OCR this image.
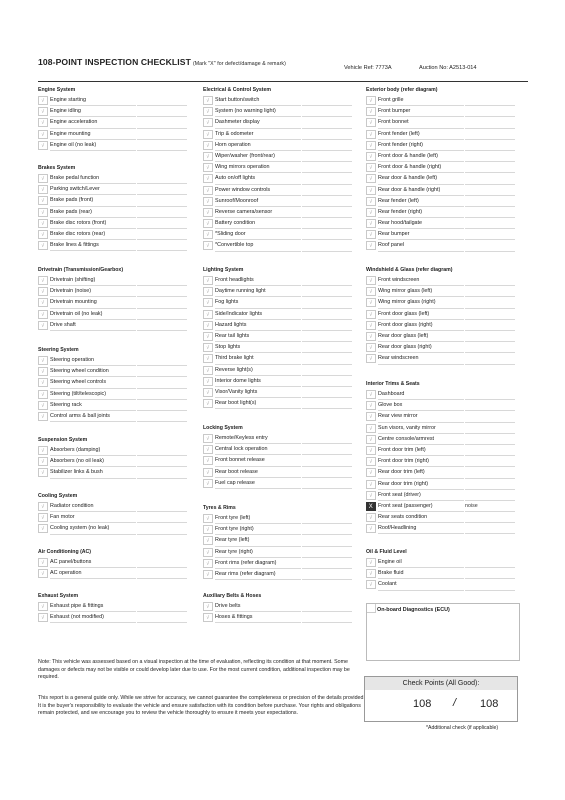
108-POINT INSPECTION CHECKLIST (Mark "X" for defect/damage & remark)
Vehicle Ref: 7773A	Auction No: A2513-014
Engine System
√	Engine starting
√	Engine idling
√	Engine acceleration
√	Engine mounting
√	Engine oil (no leak)
Brakes System
√	Brake pedal function
√	Parking switch/Lever
√	Brake pads (front)
√	Brake pads (rear)
√	Brake disc rotors (front)
√	Brake disc rotors (rear)
√	Brake lines & fittings
Drivetrain (Transmission/Gearbox)
√	Drivetrain (shifting)
√	Drivetrain (noise)
√	Drivetrain mounting
√	Drivetrain oil (no leak)
√	Drive shaft
Steering System
√	Steering operation
√	Steering wheel condition
√	Steering wheel controls
√	Steering (tilt/telescopic)
√	Steering rack
√	Control arms & ball joints
Suspension System
√	Absorbers (damping)
√	Absorbers (no oil leak)
√	Stabilizer links & bush
Cooling System
√	Radiator condition
√	Fan motor
√	Cooling system (no leak)
Air Conditioning (AC)
√	AC panel/buttons
√	AC operation
Exhaust System
√	Exhaust pipe & fittings
√	Exhaust (not modified)
Electrical & Control System
√	Start button/switch
√	System (no warning light)
√	Dashmeter display
√	Trip & odometer
√	Horn operation
√	Wiper/washer (front/rear)
√	Wing mirrors operation
√	Auto on/off lights
√	Power window controls
√	Sunroof/Moonroof
√	Reverse camera/sensor
√	Battery condition
√	*Sliding door
√	*Convertible top
Lighting System
√	Front headlights
√	Daytime running light
√	Fog lights
√	Side/Indicator lights
√	Hazard lights
√	Rear tail lights
√	Stop lights
√	Third brake light
√	Reverse light(s)
√	Interior dome lights
√	Visor/Vanity lights
√	Rear boot light(s)
Locking System
√	Remote/Keyless entry
√	Central lock operation
√	Front bonnet release
√	Rear boot release
√	Fuel cap release
Tyres & Rims
√	Front tyre (left)
√	Front tyre (right)
√	Rear tyre (left)
√	Rear tyre (right)
√	Front rims (refer diagram)
√	Rear rims (refer diagram)
Auxiliary Belts & Hoses
√	Drive belts
√	Hoses & fittings
Exterior body (refer diagram)
√	Front grille
√	Front bumper
√	Front bonnet
√	Front fender (left)
√	Front fender (right)
√	Front door & handle (left)
√	Front door & handle (right)
√	Rear door & handle (left)
√	Rear door & handle (right)
√	Rear fender (left)
√	Rear fender (right)
√	Rear hood/tailgate
√	Rear bumper
√	Roof panel
Windshield & Glass (refer diagram)
√	Front windscreen
√	Wing mirror glass (left)
√	Wing mirror glass (right)
√	Front door glass (left)
√	Front door glass (right)
√	Rear door glass (left)
√	Rear door glass (right)
√	Rear windscreen
Interior Trims & Seats
√	Dashboard
√	Glove box
√	Rear view mirror
√	Sun visors, vanity mirror
√	Centre console/armrest
√	Front door trim (left)
√	Front door trim (right)
√	Rear door trim (left)
√	Rear door trim (right)
√	Front seat (driver)
X Front seat (passenger)	noise
√	Rear seats condition
√	Roof/Headlining
Oil & Fluid Level
√	Engine oil
√	Brake fluid
√	Coolant
On-board Diagnostics (ECU)
Note: This vehicle was assessed based on a visual inspection at the time of evaluation, reflecting its condition at that moment. Some damages or defects may not be visible or could develop later due to use. For the most current condition, additional inspection may be required.
This report is a general guide only. While we strive for accuracy, we cannot guarantee the completeness or precision of the details provided. It is the buyer's responsibility to evaluate the vehicle and ensure satisfaction with its condition before purchase. Your rights and obligations remain protected, and we encourage you to review the vehicle thoroughly to ensure it meets your expectations.
Check Points (All Good):
108 / 108
*Additional check (if applicable)
